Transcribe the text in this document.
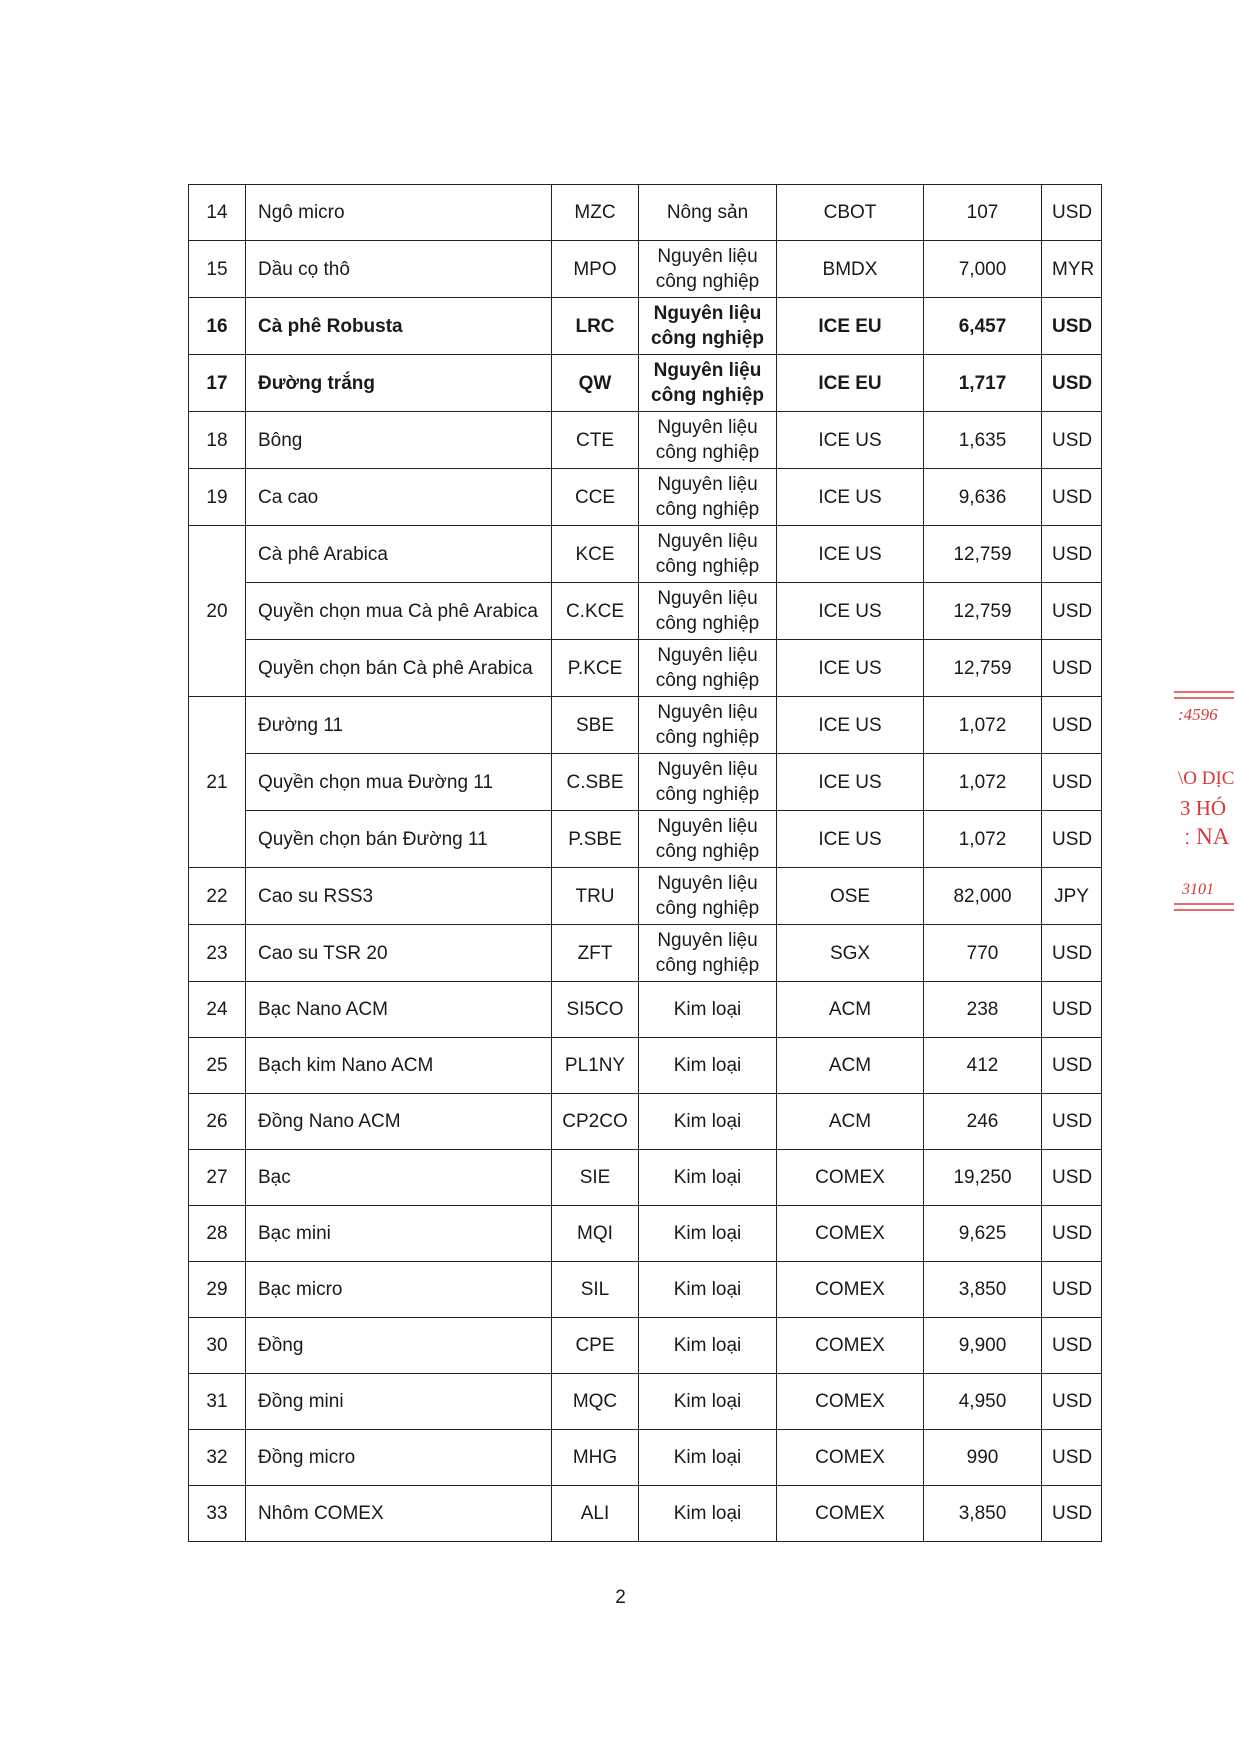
14	Ngô micro	MZC	Nông sản	CBOT	107	USD
15	Dầu cọ thô	MPO	Nguyên liệu công nghiệp	BMDX	7,000	MYR
16	Cà phê Robusta	LRC	Nguyên liệu công nghiệp	ICE EU	6,457	USD
17	Đường trắng	QW	Nguyên liệu công nghiệp	ICE EU	1,717	USD
18	Bông	CTE	Nguyên liệu công nghiệp	ICE US	1,635	USD
19	Ca cao	CCE	Nguyên liệu công nghiệp	ICE US	9,636	USD
20	Cà phê Arabica	KCE	Nguyên liệu công nghiệp	ICE US	12,759	USD
	Quyền chọn mua Cà phê Arabica	C.KCE	Nguyên liệu công nghiệp	ICE US	12,759	USD
	Quyền chọn bán Cà phê Arabica	P.KCE	Nguyên liệu công nghiệp	ICE US	12,759	USD
21	Đường 11	SBE	Nguyên liệu công nghiệp	ICE US	1,072	USD
	Quyền chọn mua Đường 11	C.SBE	Nguyên liệu công nghiệp	ICE US	1,072	USD
	Quyền chọn bán Đường 11	P.SBE	Nguyên liệu công nghiệp	ICE US	1,072	USD
22	Cao su RSS3	TRU	Nguyên liệu công nghiệp	OSE	82,000	JPY
23	Cao su TSR 20	ZFT	Nguyên liệu công nghiệp	SGX	770	USD
24	Bạc Nano ACM	SI5CO	Kim loại	ACM	238	USD
25	Bạch kim Nano ACM	PL1NY	Kim loại	ACM	412	USD
26	Đồng Nano ACM	CP2CO	Kim loại	ACM	246	USD
27	Bạc	SIE	Kim loại	COMEX	19,250	USD
28	Bạc mini	MQI	Kim loại	COMEX	9,625	USD
29	Bạc micro	SIL	Kim loại	COMEX	3,850	USD
30	Đồng	CPE	Kim loại	COMEX	9,900	USD
31	Đồng mini	MQC	Kim loại	COMEX	4,950	USD
32	Đồng micro	MHG	Kim loại	COMEX	990	USD
33	Nhôm COMEX	ALI	Kim loại	COMEX	3,850	USD
2
:4596
\O DỊC
3 HÓ
ː NA
3101
